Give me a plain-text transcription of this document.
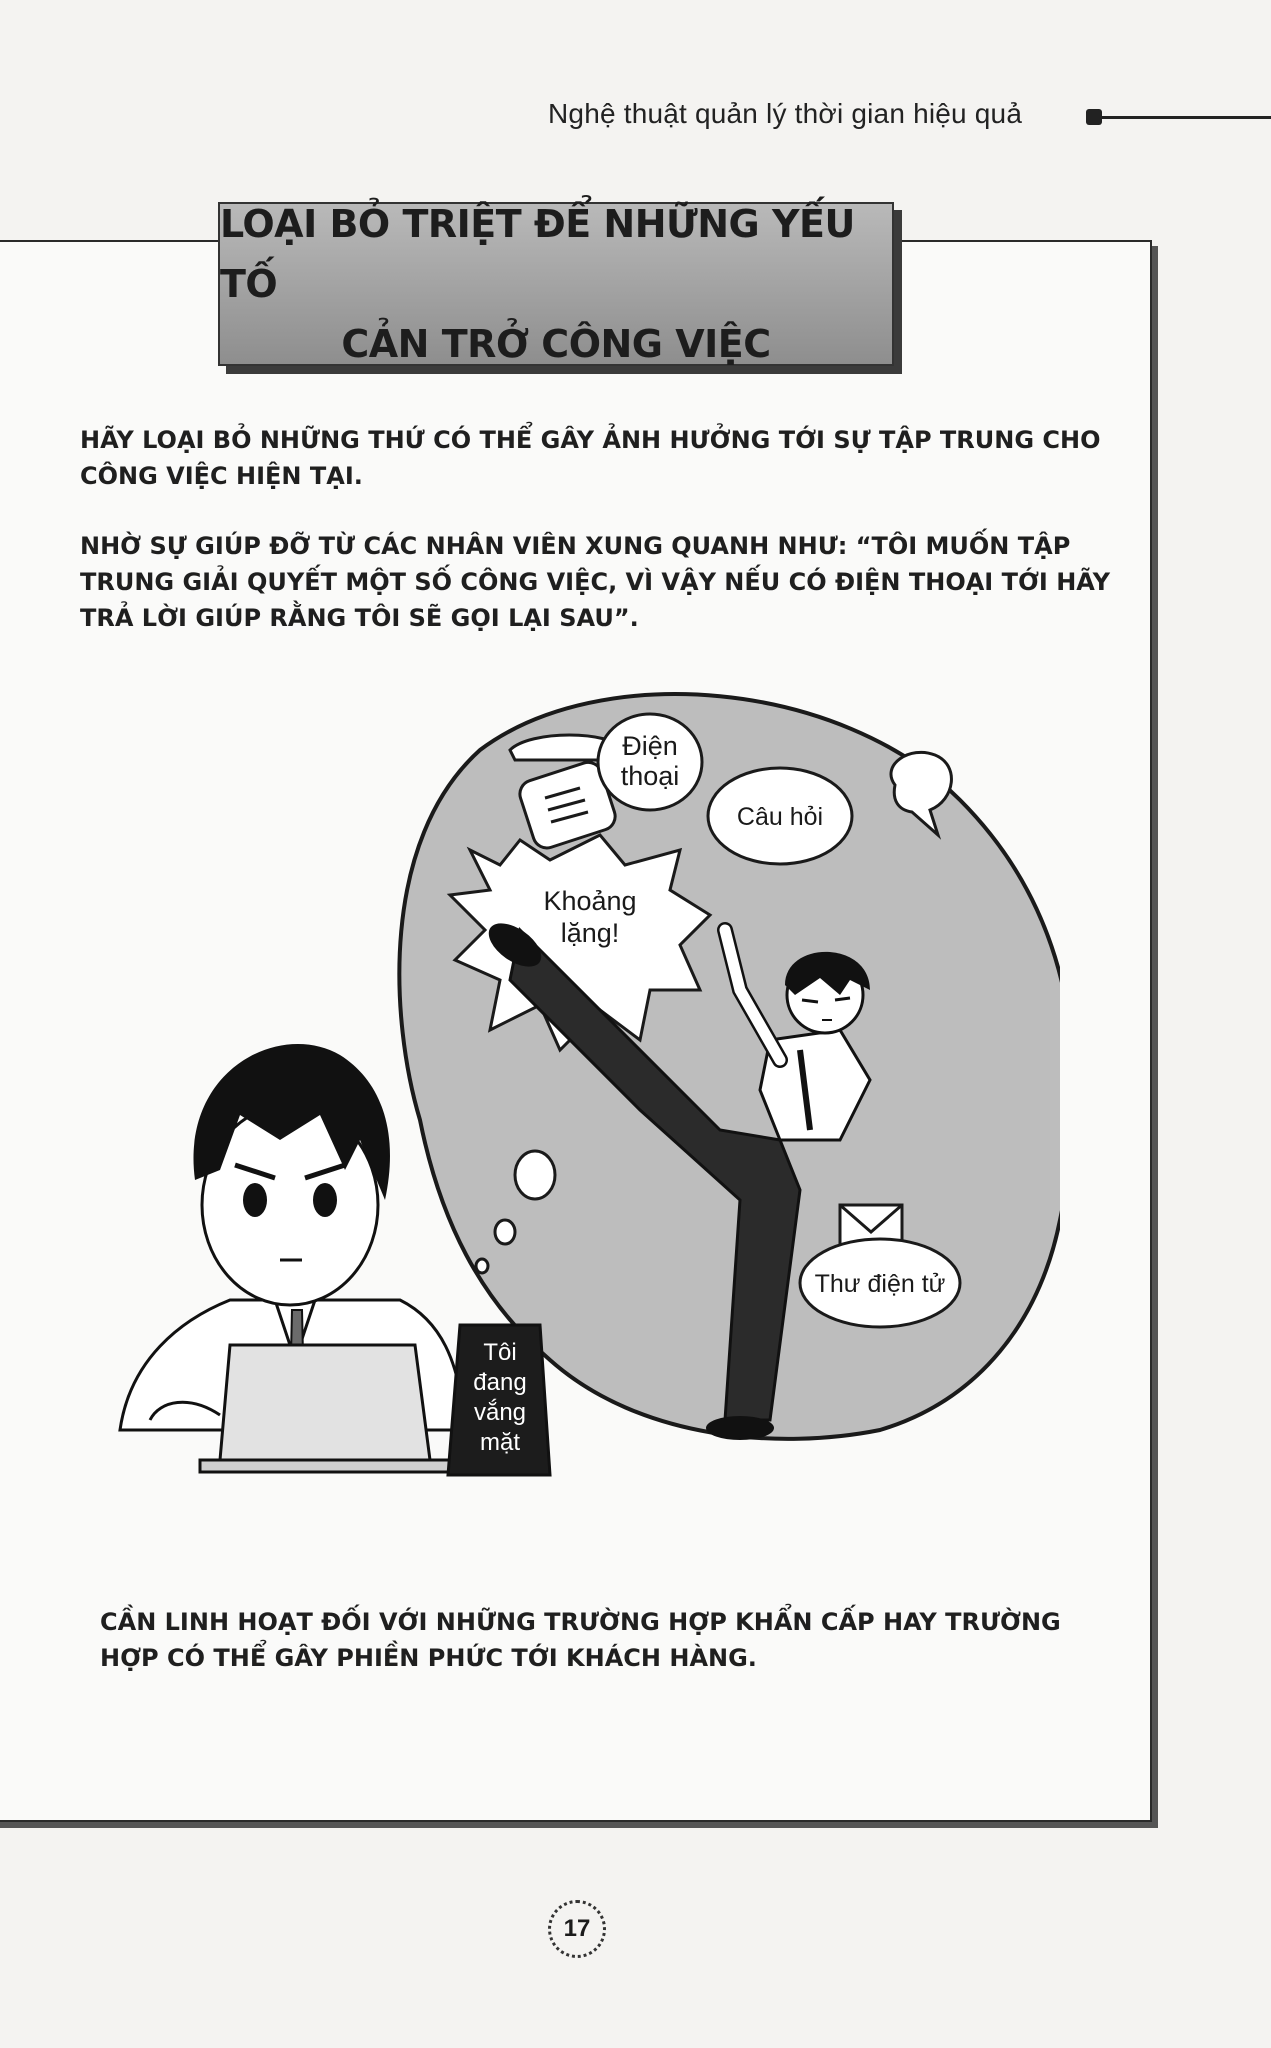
Nghệ thuật quản lý thời gian hiệu quả
LOẠI BỎ TRIỆT ĐỂ NHỮNG YẾU TỐ
CẢN TRỞ CÔNG VIỆC

HÃY LOẠI BỎ NHỮNG THỨ CÓ THỂ GÂY ẢNH HƯỞNG TỚI SỰ TẬP TRUNG CHO CÔNG VIỆC HIỆN TẠI.

NHỜ SỰ GIÚP ĐỠ TỪ CÁC NHÂN VIÊN XUNG QUANH NHƯ: “TÔI MUỐN TẬP TRUNG GIẢI QUYẾT MỘT SỐ CÔNG VIỆC, VÌ VẬY NẾU CÓ ĐIỆN THOẠI TỚI HÃY TRẢ LỜI GIÚP RẰNG TÔI SẼ GỌI LẠI SAU”.

Điện
thoại
Câu hỏi
Khoảng
lặng!
Thư điện tử
Tôi
đang
vắng
mặt

CẦN LINH HOẠT ĐỐI VỚI NHỮNG TRƯỜNG HỢP KHẨN CẤP HAY TRƯỜNG HỢP CÓ THỂ GÂY PHIỀN PHỨC TỚI KHÁCH HÀNG.

17
